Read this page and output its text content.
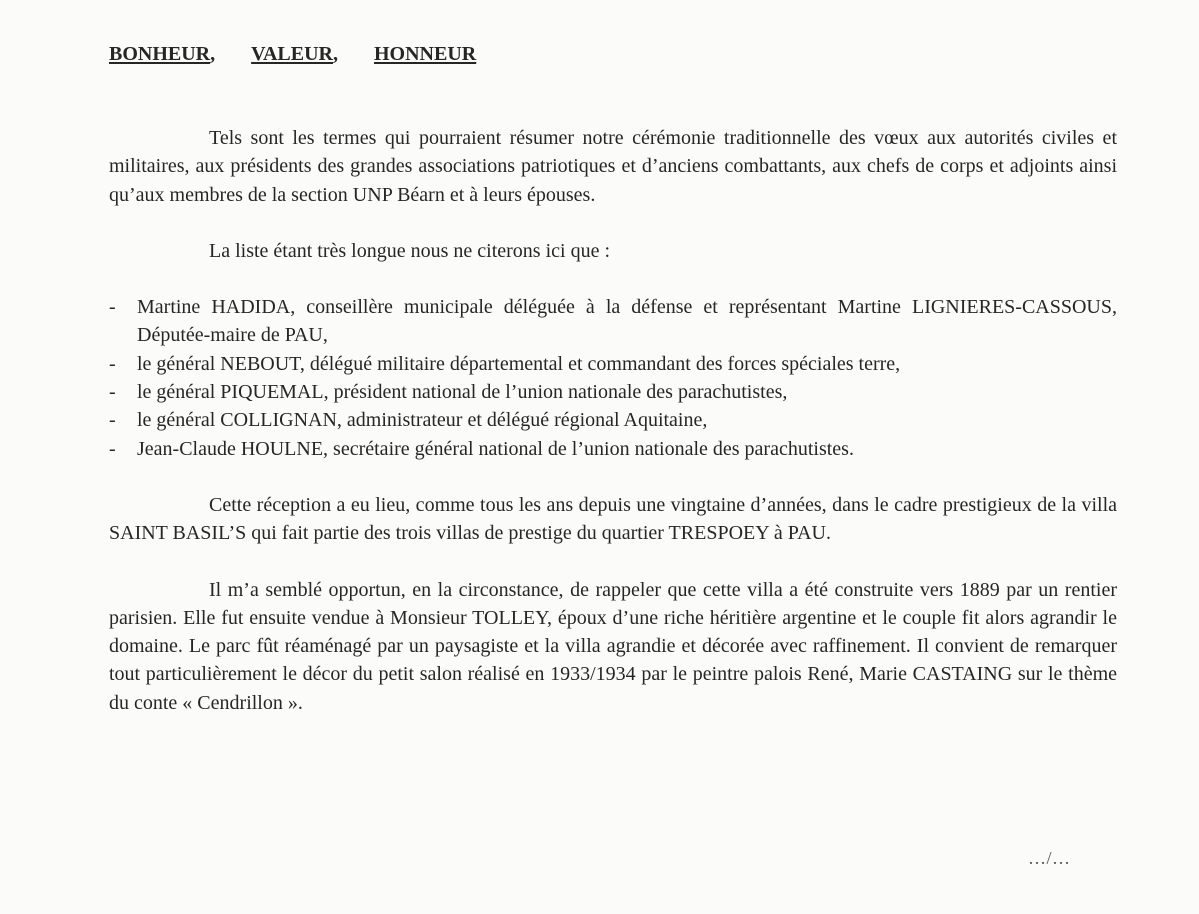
BONHEUR, VALEUR, HONNEUR

Tels sont les termes qui pourraient résumer notre cérémonie traditionnelle des vœux aux autorités civiles et militaires, aux présidents des grandes associations patriotiques et d’anciens combattants, aux chefs de corps et adjoints ainsi qu’aux membres de la section UNP Béarn et à leurs épouses.

La liste étant très longue nous ne citerons ici que :

- Martine HADIDA, conseillère municipale déléguée à la défense et représentant Martine LIGNIERES-CASSOUS, Députée-maire de PAU,
- le général NEBOUT, délégué militaire départemental et commandant des forces spéciales terre,
- le général PIQUEMAL, président national de l’union nationale des parachutistes,
- le général COLLIGNAN, administrateur et délégué régional Aquitaine,
- Jean-Claude HOULNE, secrétaire général national de l’union nationale des parachutistes.

Cette réception a eu lieu, comme tous les ans depuis une vingtaine d’années, dans le cadre prestigieux de la villa SAINT BASIL’S qui fait partie des trois villas de prestige du quartier TRESPOEY à PAU.

Il m’a semblé opportun, en la circonstance, de rappeler que cette villa a été construite vers 1889 par un rentier parisien. Elle fut ensuite vendue à Monsieur TOLLEY, époux d’une riche héritière argentine et le couple fit alors agrandir le domaine. Le parc fût réaménagé par un paysagiste et la villa agrandie et décorée avec raffinement. Il convient de remarquer tout particulièrement le décor du petit salon réalisé en 1933/1934 par le peintre palois René, Marie CASTAING sur le thème du conte « Cendrillon ».

…/…
